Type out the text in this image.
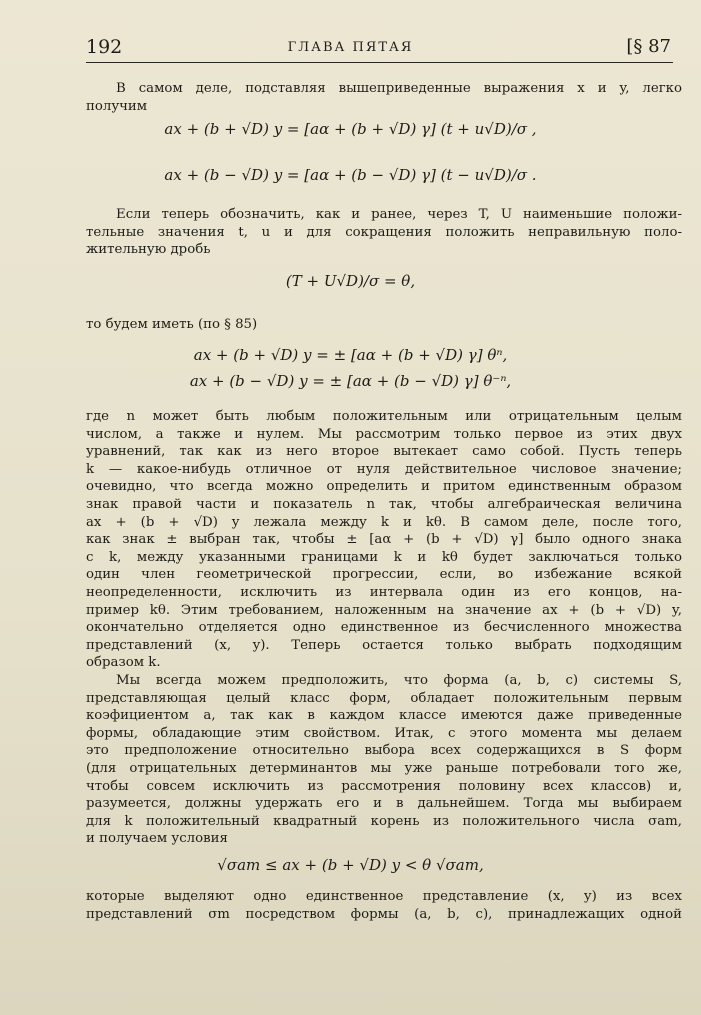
192	ГЛАВА ПЯТАЯ	[§ 87
В самом деле, подставляя вышеприведенные выражения x и y, легко
получим
ax + (b + √D) y = [aα + (b + √D) γ] (t + u√D)/σ ,
ax + (b − √D) y = [aα + (b − √D) γ] (t − u√D)/σ .
Если теперь обозначить, как и ранее, через T, U наименьшие положи-
тельные значения t, u и для сокращения положить неправильную поло-
жительную дробь
(T + U√D)/σ = θ,
то будем иметь (по § 85)
ax + (b + √D) y = ± [aα + (b + √D) γ] θⁿ,
ax + (b − √D) y = ± [aα + (b − √D) γ] θ⁻ⁿ,
где n может быть любым положительным или отрицательным целым
числом, а также и нулем. Мы рассмотрим только первое из этих двух
уравнений, так как из него второе вытекает само собой. Пусть теперь
k — какое-нибудь отличное от нуля действительное числовое значение;
очевидно, что всегда можно определить и притом единственным образом
знак правой части и показатель n так, чтобы алгебраическая величина
ax + (b + √D) y лежала между k и kθ. В самом деле, после того,
как знак ± выбран так, чтобы ± [aα + (b + √D) γ] было одного знака
с k, между указанными границами k и kθ будет заключаться только
один член геометрической прогрессии, если, во избежание всякой
неопределенности, исключить из интервала один из его концов, на-
пример kθ. Этим требованием, наложенным на значение ax + (b + √D) y,
окончательно отделяется одно единственное из бесчисленного множества
представлений (x, y). Теперь остается только выбрать подходящим
образом k.
Мы всегда можем предположить, что форма (a, b, c) системы S,
представляющая целый класс форм, обладает положительным первым
коэфициентом a, так как в каждом классе имеются даже приведенные
формы, обладающие этим свойством. Итак, с этого момента мы делаем
это предположение относительно выбора всех содержащихся в S форм
(для отрицательных детерминантов мы уже раньше потребовали того же,
чтобы совсем исключить из рассмотрения половину всех классов) и,
разумеется, должны удержать его и в дальнейшем. Тогда мы выбираем
для k положительный квадратный корень из положительного числа σam,
и получаем условия
√σam ≤ ax + (b + √D) y < θ √σam,
которые выделяют одно единственное представление (x, y) из всех
представлений σm посредством формы (a, b, c), принадлежащих одной
